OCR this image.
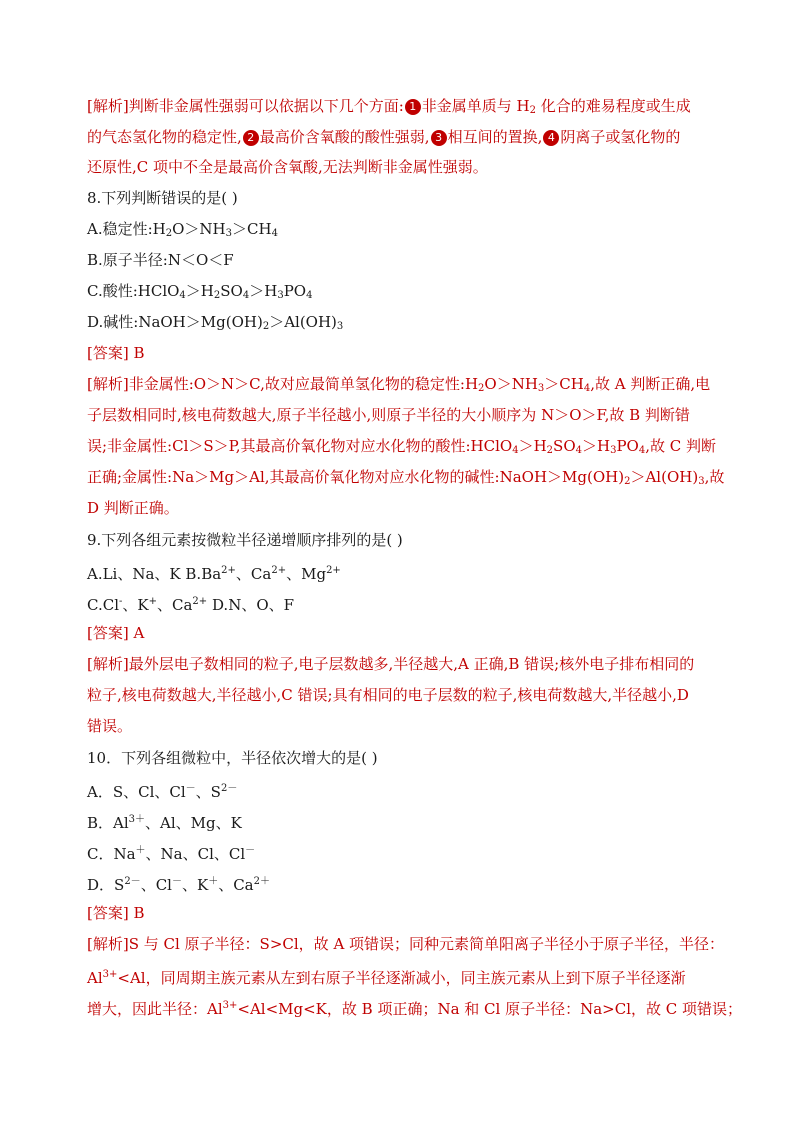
[解析]判断非金属性强弱可以依据以下几个方面: 1 非金属单质与 $H_2$ 化合的难易程度或生成
的气态氢化物的稳定性, 2 最高价含氧酸的酸性强弱, 3 相互间的置换, 4 阴离子或氢化物的
还原性,C 项中不全是最高价含氧酸,无法判断非金属性强弱。
8.下列判断错误的是( )
A.稳定性$:H_2O>NH_3>CH_4$
B.原子半径:N＜O＜F
C.酸性$:HClO_4>H_2SO_4>H_3PO_4$
D.碱性$:NaOH>Mg(OH)_2>Al(OH)_3$
[答案] B
[解析]非金属性:O＞N＞C,故对应最简单氢化物的稳定性$:H_2O>NH_3>CH_4$,故 A 判断正确,电
子层数相同时,核电荷数越大,原子半径越小,则原子半径的大小顺序为 N＞O＞F,故 B 判断错
误;非金属性:Cl＞S＞P,其最高价氧化物对应水化物的酸性$:HClO_4>H_2SO_4>H_3PO_4$,故 C 判断
正确;金属性:Na＞Mg＞Al,其最高价氧化物对应水化物的碱性$:NaOH>Mg(OH)_2>Al(OH)_3$,故
D 判断正确。
9.下列各组元素按微粒半径递增顺序排列的是( )
A.Li、Na、K $B.Ba^{2+}$、$Ca^{2+}$、$Mg^{2+}$
C.Cl-、K+、$Ca^{2+}$ D.N、O、F
[答案] A
[解析]最外层电子数相同的粒子,电子层数越多,半径越大,A 正确,B 错误;核外电子排布相同的
粒子,核电荷数越大,半径越小,C 错误;具有相同的电子层数的粒子,核电荷数越大,半径越小,D
错误。
10．下列各组微粒中，半径依次增大的是( )
A．S、Cl、Cl－、$S^{2-}$
B．$Al^{3+}$、Al、Mg、K
C．Na＋、Na、Cl、Cl－
D．$S^{2-}$、Cl－、K＋、$Ca^{2+}$
[答案] B
[解析]S 与 Cl 原子半径：S>Cl，故 A 项错误；同种元素简单阳离子半径小于原子半径，半径：
$Al^{3+}<Al$，同周期主族元素从左到右原子半径逐渐减小，同主族元素从上到下原子半径逐渐
增大，因此半径：$Al^{3+}<Al<Mg<K$，故 B 项正确；Na 和 Cl 原子半径：Na>Cl，故 C 项错误；
